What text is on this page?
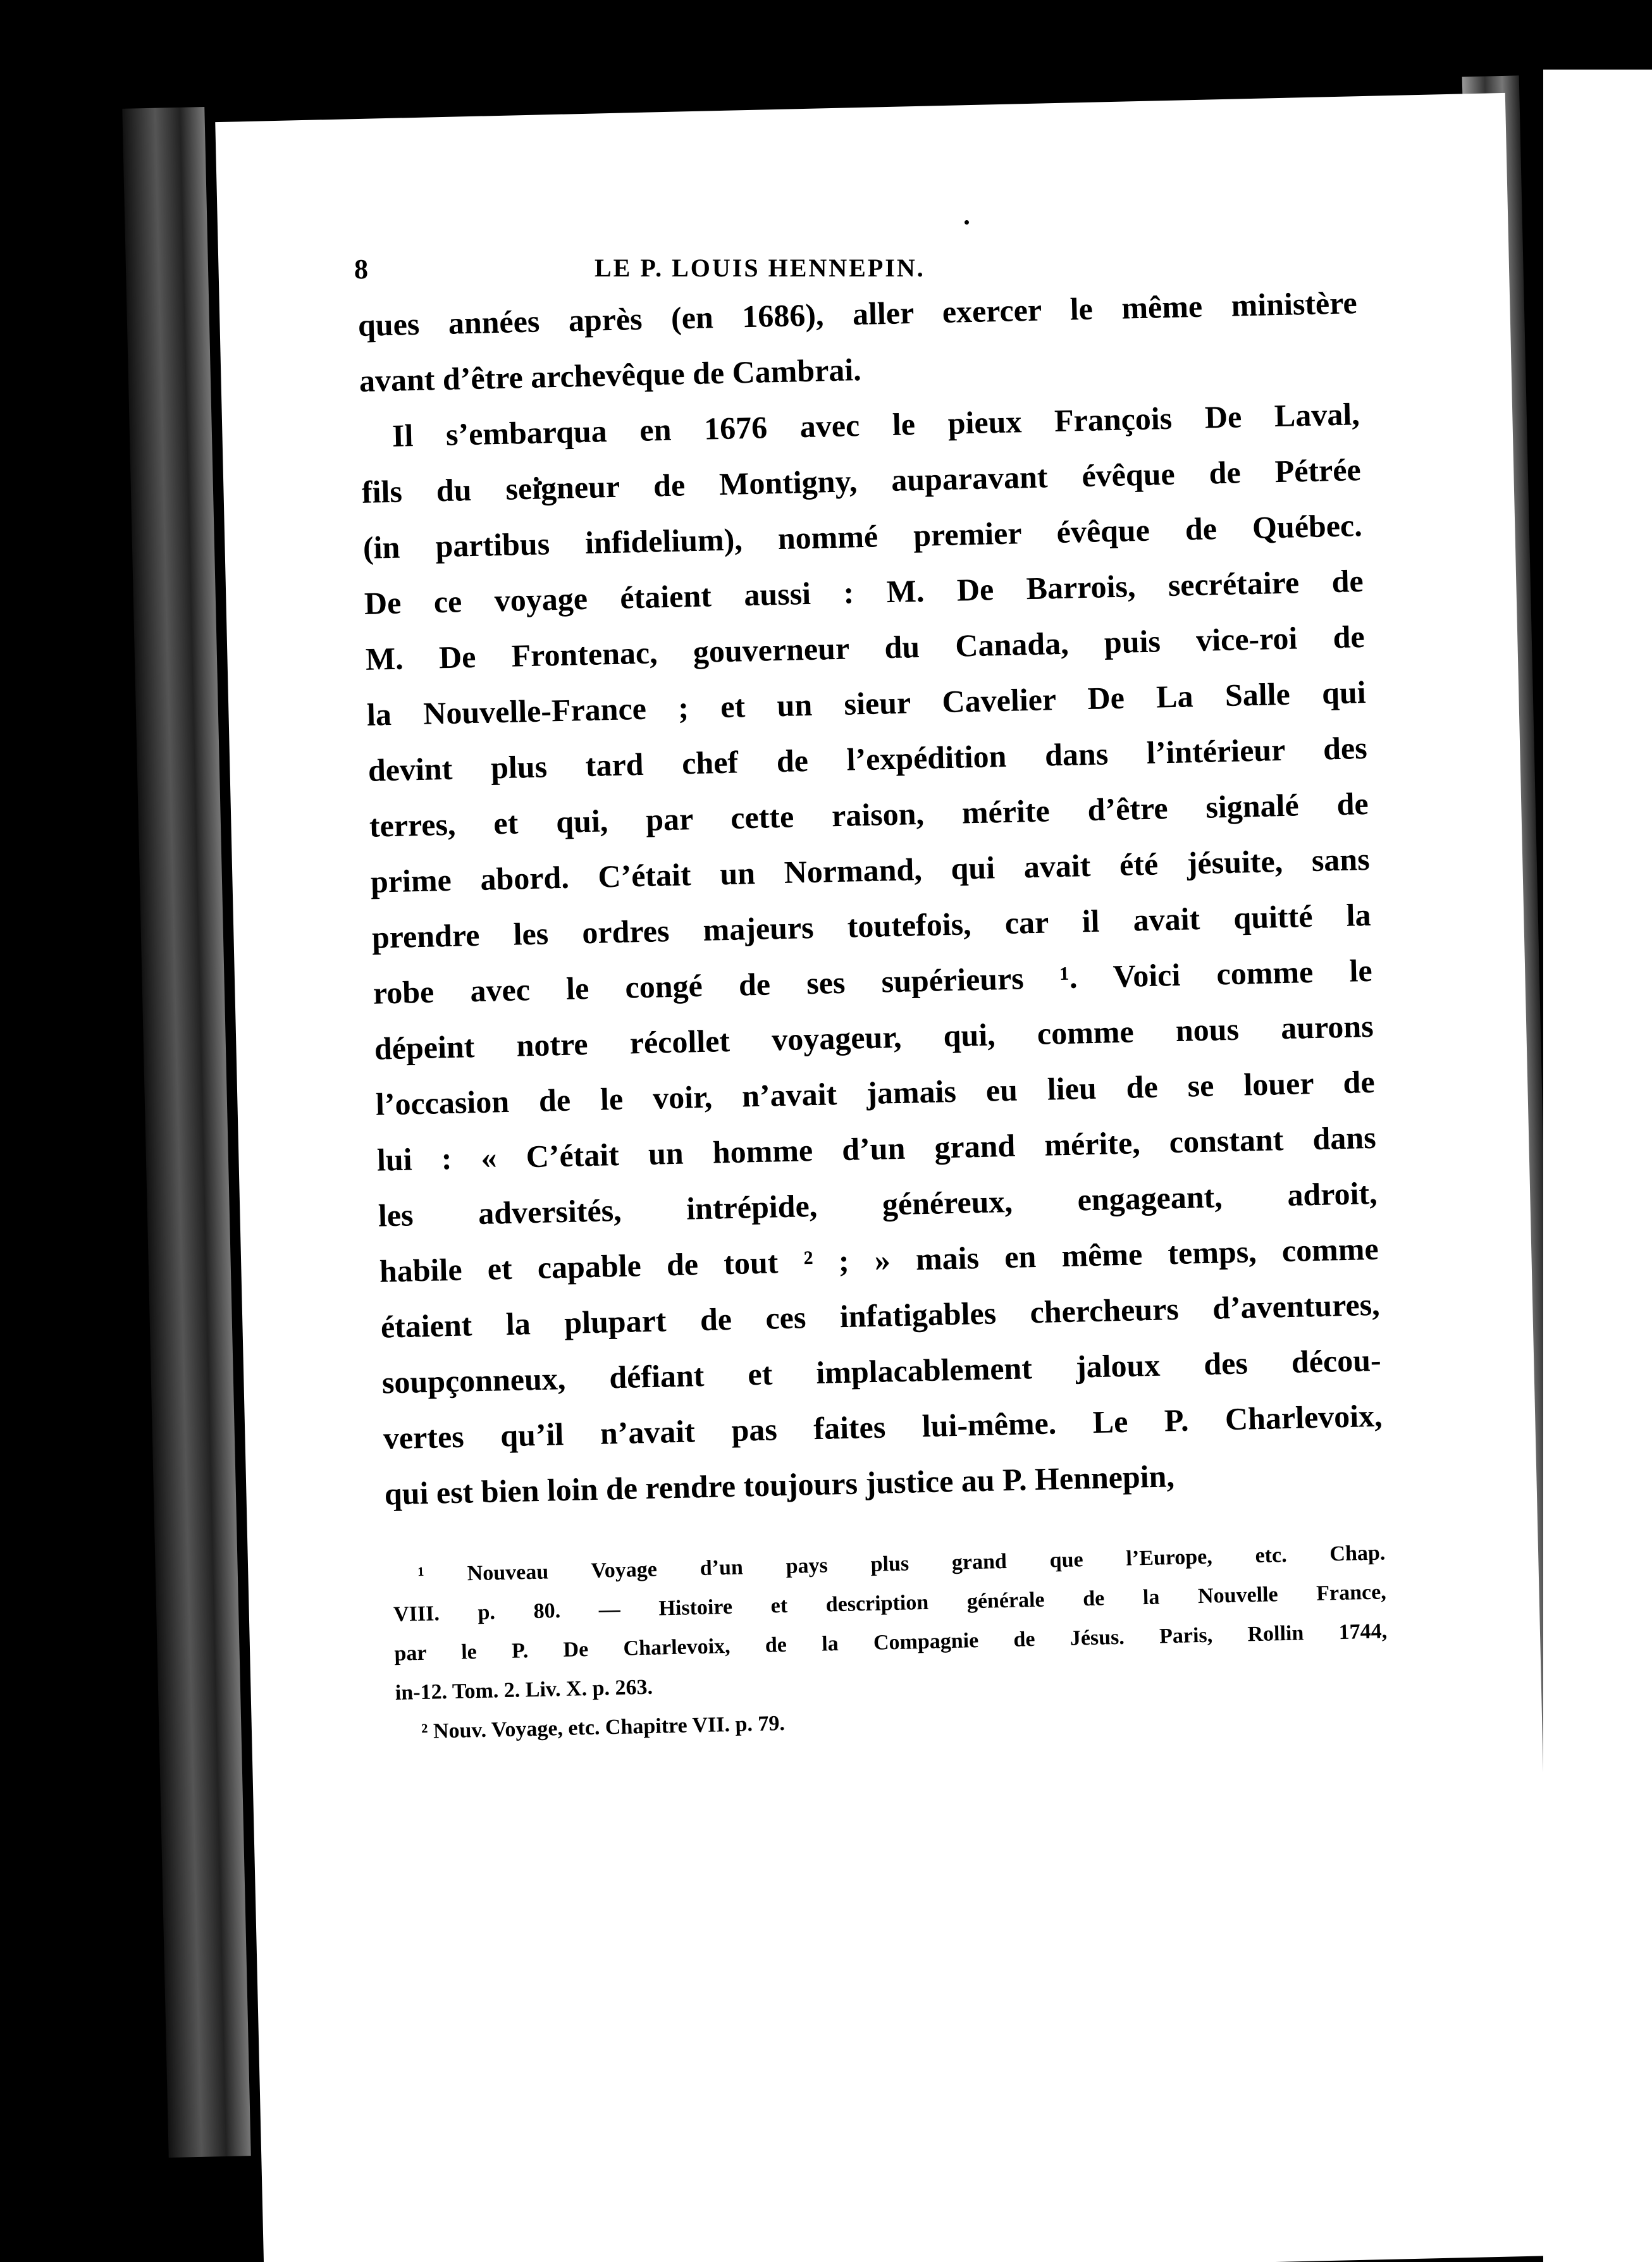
8	LE P. LOUIS HENNEPIN.
ques années après (en 1686), aller exercer le même ministère
avant d’être archevêque de Cambrai.
Il s’embarqua en 1676 avec le pieux François De Laval,
fils du seigneur de Montigny, auparavant évêque de Pétrée
(in partibus infidelium), nommé premier évêque de Québec.
De ce voyage étaient aussi : M. De Barrois, secrétaire de
M. De Frontenac, gouverneur du Canada, puis vice-roi de
la Nouvelle-France ; et un sieur Cavelier De La Salle qui
devint plus tard chef de l’expédition dans l’intérieur des
terres, et qui, par cette raison, mérite d’être signalé de
prime abord. C’était un Normand, qui avait été jésuite, sans
prendre les ordres majeurs toutefois, car il avait quitté la
robe avec le congé de ses supérieurs ¹. Voici comme le
dépeint notre récollet voyageur, qui, comme nous aurons
l’occasion de le voir, n’avait jamais eu lieu de se louer de
lui : « C’était un homme d’un grand mérite, constant dans
les adversités, intrépide, généreux, engageant, adroit,
habile et capable de tout ² ; » mais en même temps, comme
étaient la plupart de ces infatigables chercheurs d’aventures,
soupçonneux, défiant et implacablement jaloux des décou-
vertes qu’il n’avait pas faites lui-même. Le P. Charlevoix,
qui est bien loin de rendre toujours justice au P. Hennepin,
¹ Nouveau Voyage d’un pays plus grand que l’Europe, etc. Chap.
VIII. p. 80. — Histoire et description générale de la Nouvelle France,
par le P. De Charlevoix, de la Compagnie de Jésus. Paris, Rollin 1744,
in-12. Tom. 2. Liv. X. p. 263.
² Nouv. Voyage, etc. Chapitre VII. p. 79.
